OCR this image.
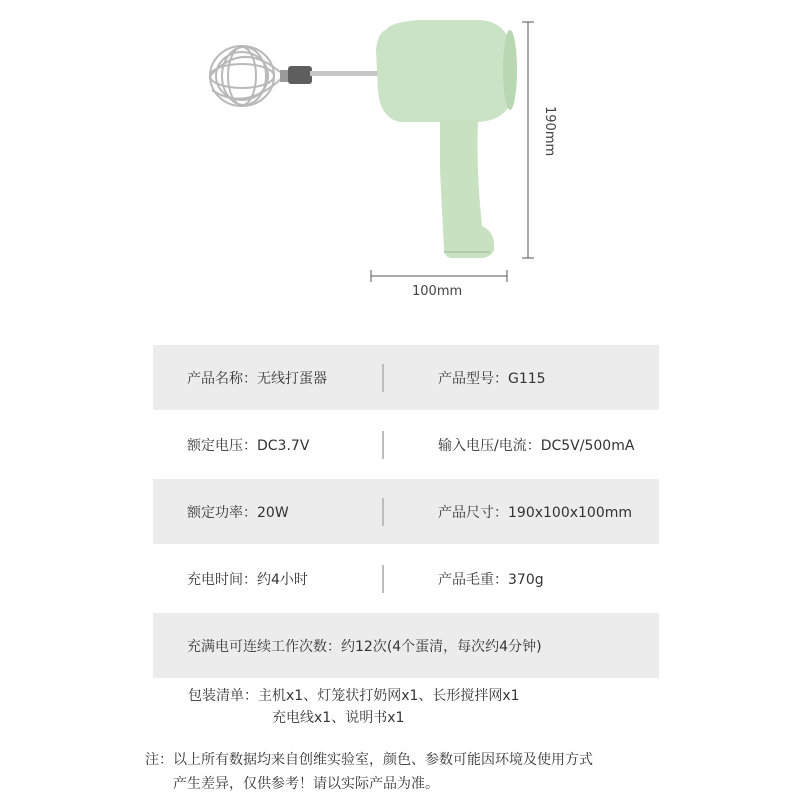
190mm
100mm
产品名称：无线打蛋器	产品型号：G115
额定电压：DC3.7V	输入电压/电流：DC5V/500mA
额定功率：20W	产品尺寸：190x100x100mm
充电时间：约4小时	产品毛重：370g
充满电可连续工作次数：约12次(4个蛋清，每次约4分钟)
包装清单：主机x1、灯笼状打奶网x1、长形搅拌网x1
充电线x1、说明书x1
注：以上所有数据均来自创维实验室，颜色、参数可能因环境及使用方式
产生差异，仅供参考！请以实际产品为准。
